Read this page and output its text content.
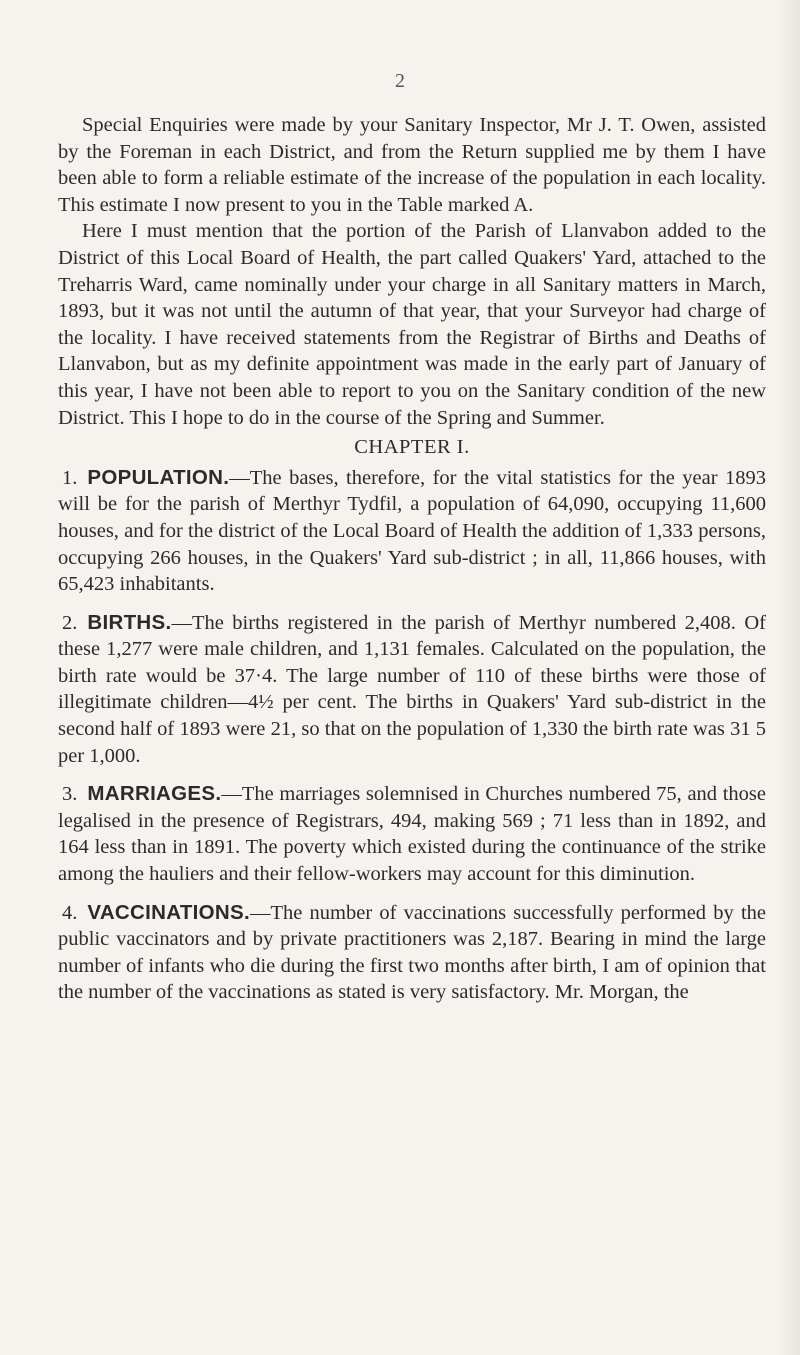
2

Special Enquiries were made by your Sanitary Inspector, Mr J. T. Owen, assisted by the Foreman in each District, and from the Return supplied me by them I have been able to form a reliable estimate of the increase of the population in each locality. This estimate I now present to you in the Table marked A.

Here I must mention that the portion of the Parish of Llanvabon added to the District of this Local Board of Health, the part called Quakers' Yard, attached to the Treharris Ward, came nominally under your charge in all Sanitary matters in March, 1893, but it was not until the autumn of that year, that your Surveyor had charge of the locality. I have received statements from the Registrar of Births and Deaths of Llanvabon, but as my definite appointment was made in the early part of January of this year, I have not been able to report to you on the Sanitary condition of the new District. This I hope to do in the course of the Spring and Summer.

CHAPTER I.

1. POPULATION.—The bases, therefore, for the vital statistics for the year 1893 will be for the parish of Merthyr Tydfil, a population of 64,090, occupying 11,600 houses, and for the district of the Local Board of Health the addition of 1,333 persons, occupying 266 houses, in the Quakers' Yard sub-district ; in all, 11,866 houses, with 65,423 inhabitants.

2. BIRTHS.—The births registered in the parish of Merthyr numbered 2,408. Of these 1,277 were male children, and 1,131 females. Calculated on the population, the birth rate would be 37·4. The large number of 110 of these births were those of illegitimate children—4½ per cent. The births in Quakers' Yard sub-district in the second half of 1893 were 21, so that on the population of 1,330 the birth rate was 31 5 per 1,000.

3. MARRIAGES.—The marriages solemnised in Churches numbered 75, and those legalised in the presence of Registrars, 494, making 569 ; 71 less than in 1892, and 164 less than in 1891. The poverty which existed during the continuance of the strike among the hauliers and their fellow-workers may account for this diminution.

4. VACCINATIONS.—The number of vaccinations successfully performed by the public vaccinators and by private practitioners was 2,187. Bearing in mind the large number of infants who die during the first two months after birth, I am of opinion that the number of the vaccinations as stated is very satisfactory. Mr. Morgan, the
